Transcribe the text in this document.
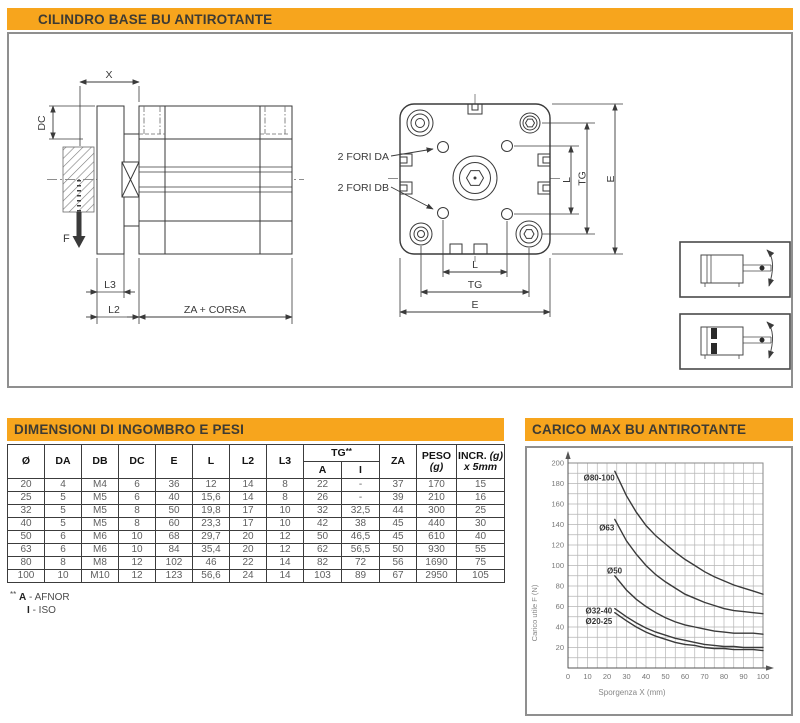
CILINDRO BASE BU ANTIROTANTE
X
DC
F
L3
L2	ZA + CORSA
2 FORI DA
2 FORI DB
L TG E
L
TG
E
DIMENSIONI DI INGOMBRO E PESI
Ø	DA	DB	DC	E	L	L2	L3	TG**	ZA	PESO
(g)

INCR. (g)
x 5mm

								A	I			
20	4	M4	6	36	12	14	8	22	-	37	170	15
25	5	M5	6	40	15,6	14	8	26	-	39	210	16
32	5	M5	8	50	19,8	17	10	32	32,5	44	300	25
40	5	M5	8	60	23,3	17	10	42	38	45	440	30
50	6	M6	10	68	29,7	20	12	50	46,5	45	610	40
63	6	M6	10	84	35,4	20	12	62	56,5	50	930	55
80	8	M8	12	102	46	22	14	82	72	56	1690	75
100	10	M10	12	123	56,6	24	14	103	89	67	2950	105
** A - AFNOR
I - ISO
CARICO MAX BU ANTIROTANTE
20
40
60
80
100
120
140
160
180
200
0 10 20 30 40 50 60 70 80 90 100
Ø80-100
Ø63
Ø50
Ø32-40
Ø20-25
Sporgenza X (mm)
Carico utile F (N)
